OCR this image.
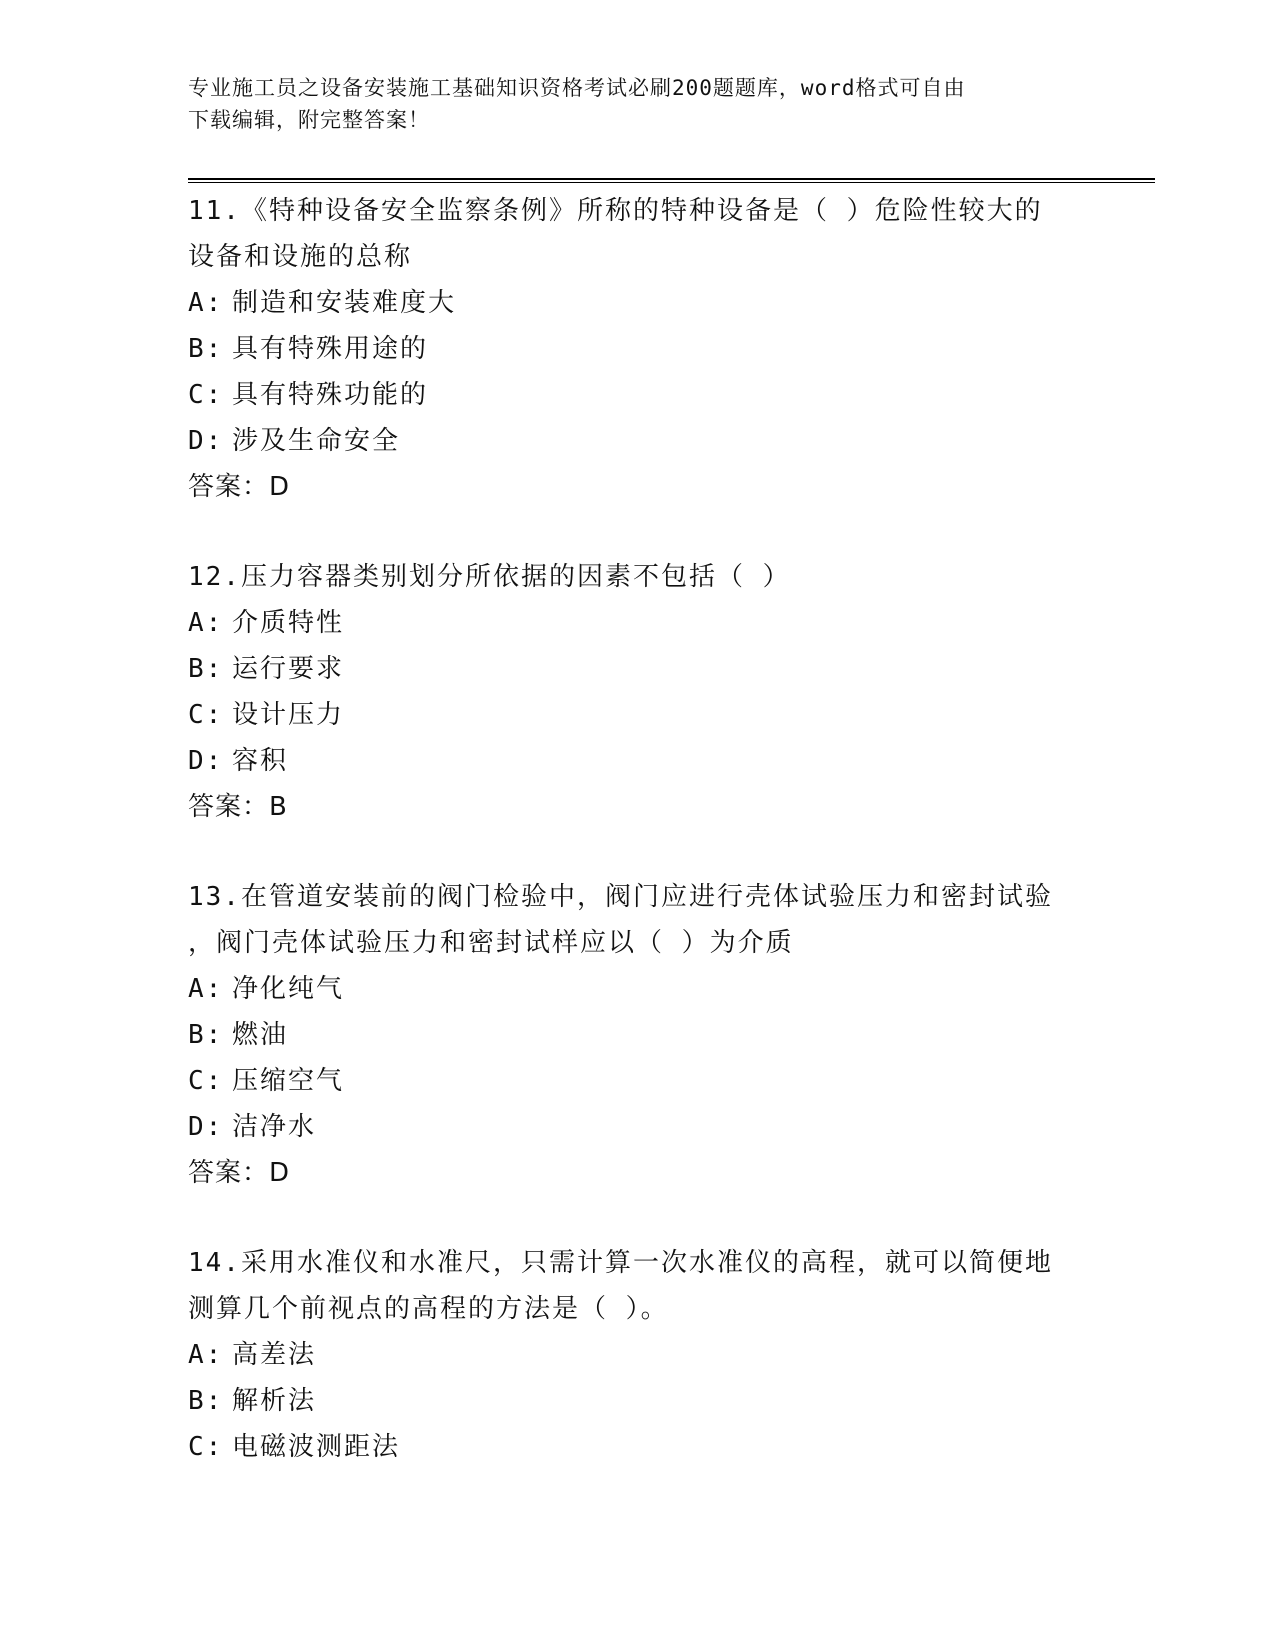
专业施工员之设备安装施工基础知识资格考试必刷200题题库，word格式可自由
下载编辑，附完整答案！
11.《特种设备安全监察条例》所称的特种设备是（ ）危险性较大的
设备和设施的总称
A: 制造和安装难度大
B: 具有特殊用途的
C: 具有特殊功能的
D: 涉及生命安全
答案：D
12.压力容器类别划分所依据的因素不包括（ ）
A: 介质特性
B: 运行要求
C: 设计压力
D: 容积
答案：B
13.在管道安装前的阀门检验中，阀门应进行壳体试验压力和密封试验
，阀门壳体试验压力和密封试样应以（ ）为介质
A: 净化纯气
B: 燃油
C: 压缩空气
D: 洁净水
答案：D
14.采用水准仪和水准尺，只需计算一次水准仪的高程，就可以简便地
测算几个前视点的高程的方法是（ ）。
A: 高差法
B: 解析法
C: 电磁波测距法
